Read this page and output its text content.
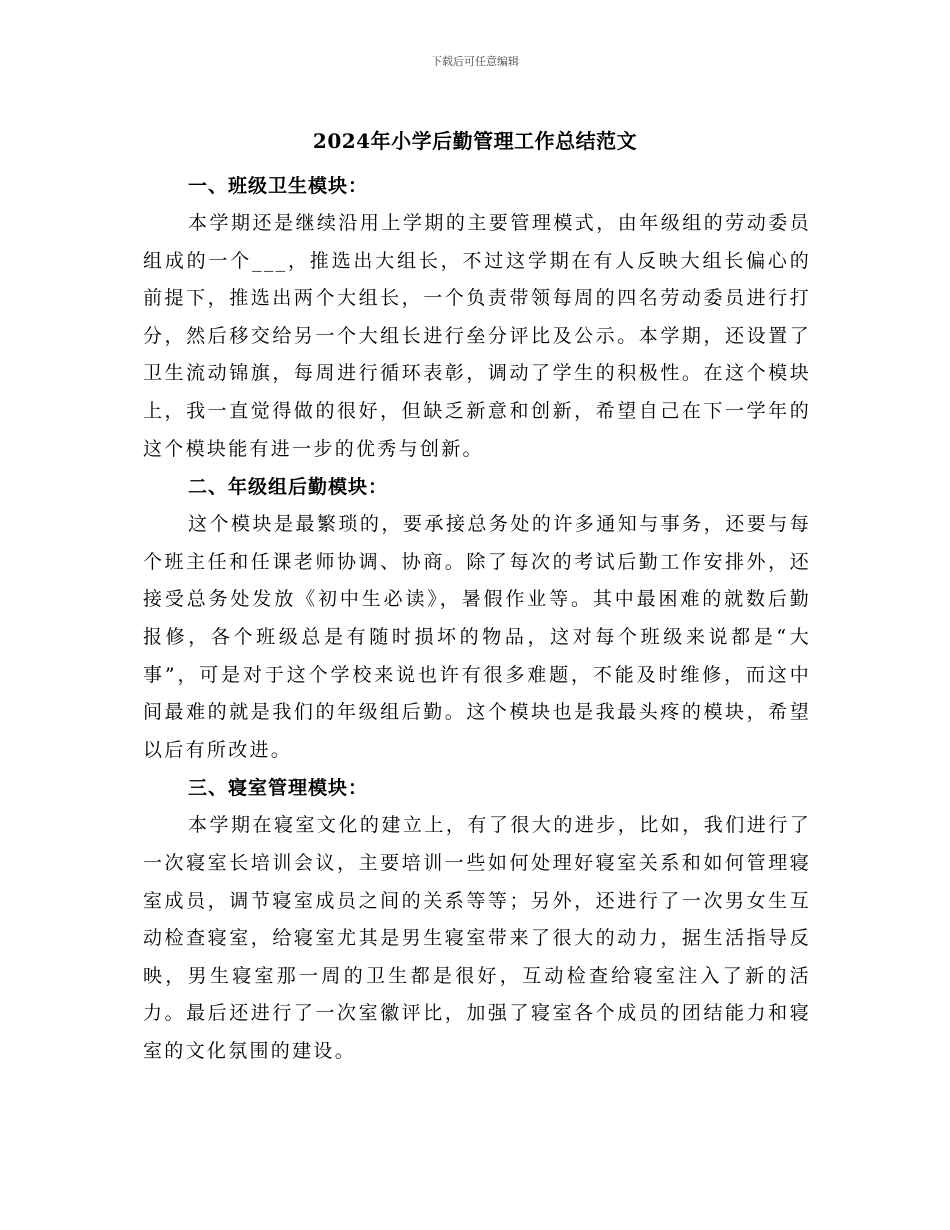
下载后可任意编辑
2024年小学后勤管理工作总结范文
一、班级卫生模块：

本学期还是继续沿用上学期的主要管理模式，由年级组的劳动委员组成的一个___，推选出大组长，不过这学期在有人反映大组长偏心的前提下，推选出两个大组长，一个负责带领每周的四名劳动委员进行打分，然后移交给另一个大组长进行垒分评比及公示。本学期，还设置了卫生流动锦旗，每周进行循环表彰，调动了学生的积极性。在这个模块上，我一直觉得做的很好，但缺乏新意和创新，希望自己在下一学年的这个模块能有进一步的优秀与创新。

二、年级组后勤模块：

这个模块是最繁琐的，要承接总务处的许多通知与事务，还要与每个班主任和任课老师协调、协商。除了每次的考试后勤工作安排外，还接受总务处发放《初中生必读》，暑假作业等。其中最困难的就数后勤报修，各个班级总是有随时损坏的物品，这对每个班级来说都是“大事”，可是对于这个学校来说也许有很多难题，不能及时维修，而这中间最难的就是我们的年级组后勤。这个模块也是我最头疼的模块，希望以后有所改进。

三、寝室管理模块：

本学期在寝室文化的建立上，有了很大的进步，比如，我们进行了一次寝室长培训会议，主要培训一些如何处理好寝室关系和如何管理寝室成员，调节寝室成员之间的关系等等；另外，还进行了一次男女生互动检查寝室，给寝室尤其是男生寝室带来了很大的动力，据生活指导反映，男生寝室那一周的卫生都是很好，互动检查给寝室注入了新的活力。最后还进行了一次室徽评比，加强了寝室各个成员的团结能力和寝室的文化氛围的建设。
